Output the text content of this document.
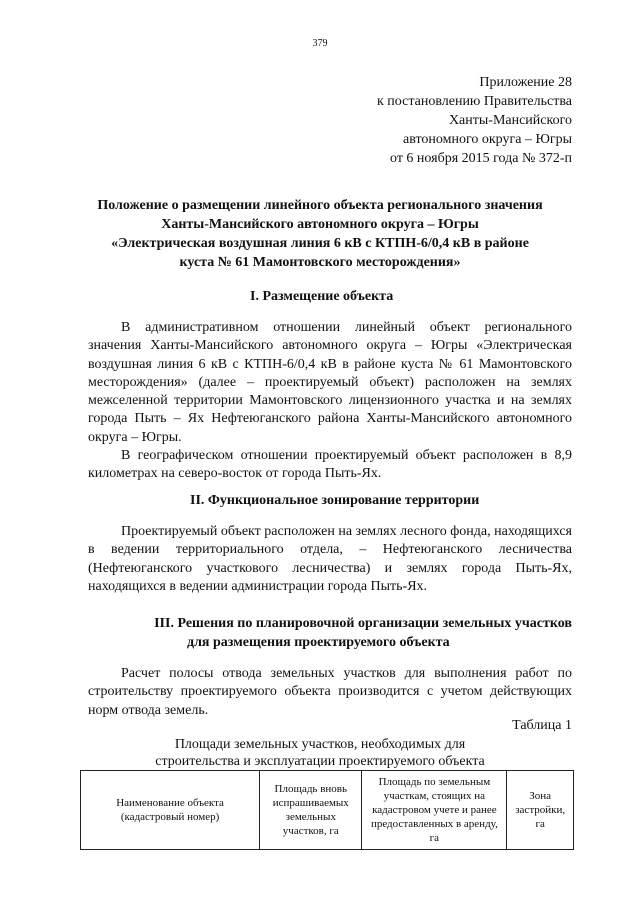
379
Приложение 28
к постановлению Правительства
Ханты-Мансийского
автономного округа – Югры
от 6 ноября 2015 года № 372-п
Положение о размещении линейного объекта регионального значения
Ханты-Мансийского автономного округа – Югры
«Электрическая воздушная линия 6 кВ с КТПН-6/0,4 кВ в районе
куста № 61 Мамонтовского месторождения»
I. Размещение объекта

В административном отношении линейный объект регионального значения Ханты-Мансийского автономного округа – Югры «Электрическая воздушная линия 6 кВ с КТПН-6/0,4 кВ в районе куста № 61 Мамонтовского месторождения» (далее – проектируемый объект) расположен на землях межселенной территории Мамонтовского лицензионного участка и на землях города Пыть – Ях Нефтеюганского района Ханты-Мансийского автономного округа – Югры.

В географическом отношении проектируемый объект расположен в 8,9 километрах на северо-восток от города Пыть-Ях.

II. Функциональное зонирование территории

Проектируемый объект расположен на землях лесного фонда, находящихся в ведении территориального отдела, – Нефтеюганского лесничества (Нефтеюганского участкового лесничества) и землях города Пыть-Ях, находящихся в ведении администрации города Пыть-Ях.

III. Решения по планировочной организации земельных участков
для размещения проектируемого объекта

Расчет полосы отвода земельных участков для выполнения работ по строительству проектируемого объекта производится с учетом действующих норм отвода земель.

Таблица 1
Площади земельных участков, необходимых для
строительства и эксплуатации проектируемого объекта
Наименование объекта (кадастровый номер)	Площадь вновь испрашиваемых земельных участков, га	Площадь по земельным участкам, стоящих на кадастровом учете и ранее предоставленных в аренду, га	Зона застройки, га
